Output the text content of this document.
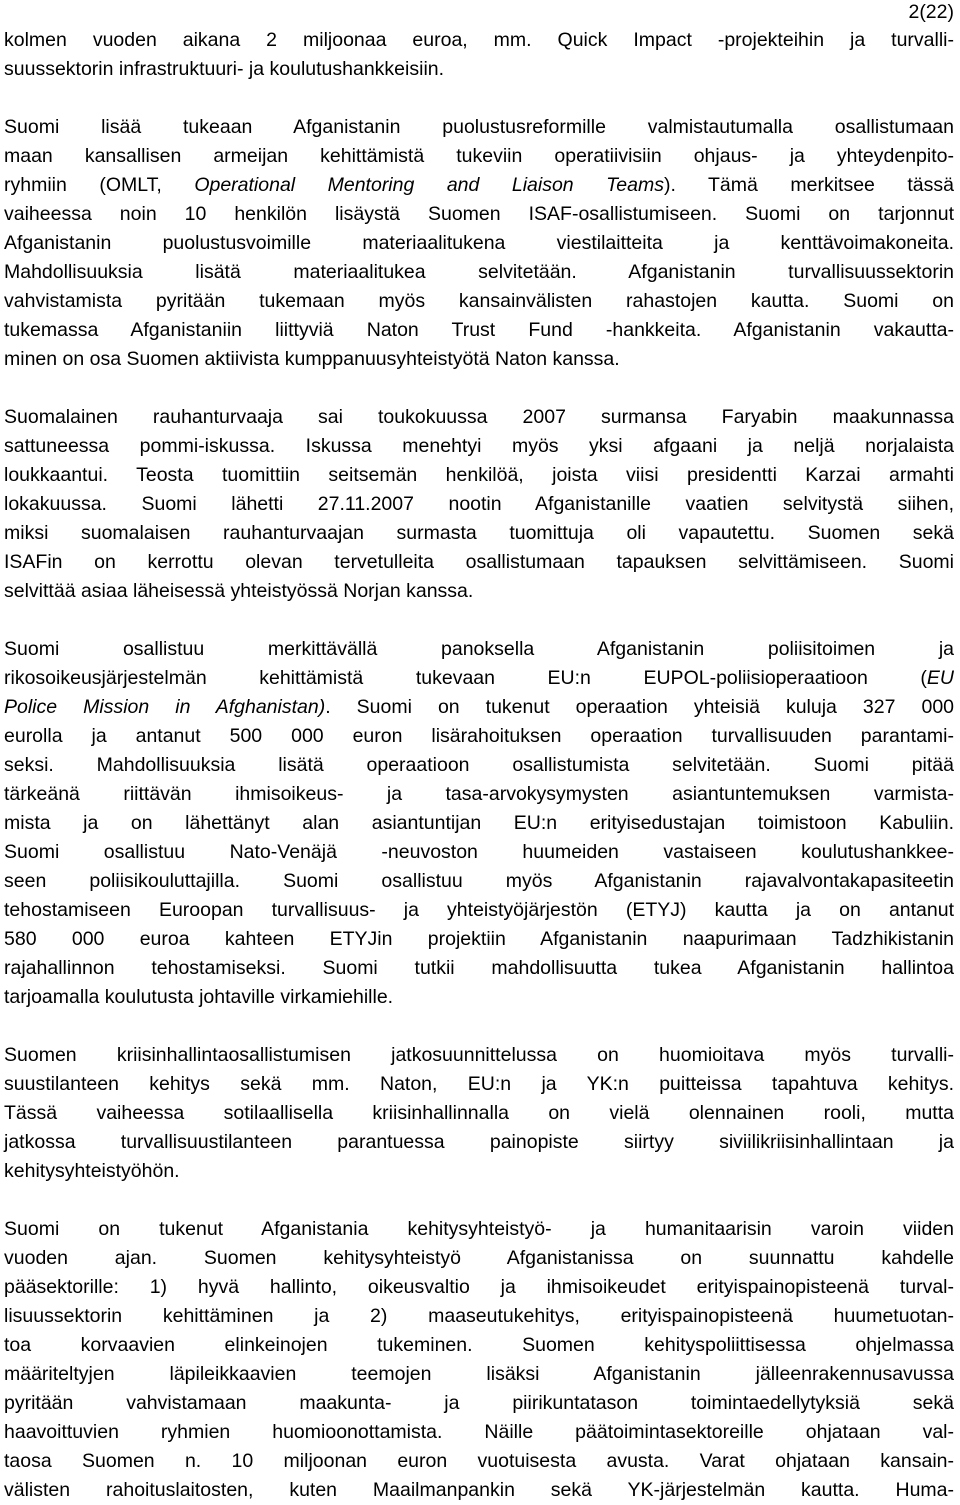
2(22)
kolmen vuoden aikana 2 miljoonaa euroa, mm. Quick Impact -projekteihin ja turvalli-
suussektorin infrastruktuuri- ja koulutushankkeisiin.
Suomi lisää tukeaan Afganistanin puolustusreformille valmistautumalla osallistumaan
maan kansallisen armeijan kehittämistä tukeviin operatiivisiin ohjaus- ja yhteydenpito-
ryhmiin (OMLT, Operational Mentoring and Liaison Teams). Tämä merkitsee tässä
vaiheessa noin 10 henkilön lisäystä Suomen ISAF-osallistumiseen. Suomi on tarjonnut
Afganistanin puolustusvoimille materiaalitukena viestilaitteita ja kenttävoimakoneita.
Mahdollisuuksia lisätä materiaalitukea selvitetään. Afganistanin turvallisuussektorin
vahvistamista pyritään tukemaan myös kansainvälisten rahastojen kautta. Suomi on
tukemassa Afganistaniin liittyviä Naton Trust Fund -hankkeita. Afganistanin vakautta-
minen on osa Suomen aktiivista kumppanuusyhteistyötä Naton kanssa.
Suomalainen rauhanturvaaja sai toukokuussa 2007 surmansa Faryabin maakunnassa
sattuneessa pommi-iskussa. Iskussa menehtyi myös yksi afgaani ja neljä norjalaista
loukkaantui. Teosta tuomittiin seitsemän henkilöä, joista viisi presidentti Karzai armahti
lokakuussa. Suomi lähetti 27.11.2007 nootin Afganistanille vaatien selvitystä siihen,
miksi suomalaisen rauhanturvaajan surmasta tuomittuja oli vapautettu. Suomen sekä
ISAFin on kerrottu olevan tervetulleita osallistumaan tapauksen selvittämiseen. Suomi
selvittää asiaa läheisessä yhteistyössä Norjan kanssa.
Suomi osallistuu merkittävällä panoksella Afganistanin poliisitoimen ja
rikosoikeusjärjestelmän kehittämistä tukevaan EU:n EUPOL-poliisioperaatioon (EU
Police Mission in Afghanistan). Suomi on tukenut operaation yhteisiä kuluja 327 000
eurolla ja antanut 500 000 euron lisärahoituksen operaation turvallisuuden parantami-
seksi. Mahdollisuuksia lisätä operaatioon osallistumista selvitetään. Suomi pitää
tärkeänä riittävän ihmisoikeus- ja tasa-arvokysymysten asiantuntemuksen varmista-
mista ja on lähettänyt alan asiantuntijan EU:n erityisedustajan toimistoon Kabuliin.
Suomi osallistuu Nato-Venäjä -neuvoston huumeiden vastaiseen koulutushankkee-
seen poliisikouluttajilla. Suomi osallistuu myös Afganistanin rajavalvontakapasiteetin
tehostamiseen Euroopan turvallisuus- ja yhteistyöjärjestön (ETYJ) kautta ja on antanut
580 000 euroa kahteen ETYJin projektiin Afganistanin naapurimaan Tadzhikistanin
rajahallinnon tehostamiseksi. Suomi tutkii mahdollisuutta tukea Afganistanin hallintoa
tarjoamalla koulutusta johtaville virkamiehille.
Suomen kriisinhallintaosallistumisen jatkosuunnittelussa on huomioitava myös turvalli-
suustilanteen kehitys sekä mm. Naton, EU:n ja YK:n puitteissa tapahtuva kehitys.
Tässä vaiheessa sotilaallisella kriisinhallinnalla on vielä olennainen rooli, mutta
jatkossa turvallisuustilanteen parantuessa painopiste siirtyy siviilikriisinhallintaan ja
kehitysyhteistyöhön.
Suomi on tukenut Afganistania kehitysyhteistyö- ja humanitaarisin varoin viiden
vuoden ajan. Suomen kehitysyhteistyö Afganistanissa on suunnattu kahdelle
pääsektorille: 1) hyvä hallinto, oikeusvaltio ja ihmisoikeudet erityispainopisteenä turval-
lisuussektorin kehittäminen ja 2) maaseutukehitys, erityispainopisteenä huumetuotan-
toa korvaavien elinkeinojen tukeminen. Suomen kehityspoliittisessa ohjelmassa
määriteltyjen läpileikkaavien teemojen lisäksi Afganistanin jälleenrakennusavussa
pyritään vahvistamaan maakunta- ja piirikuntatason toimintaedellytyksiä sekä
haavoittuvien ryhmien huomioonottamista. Näille päätoimintasektoreille ohjataan val-
taosa Suomen n. 10 miljoonan euron vuotuisesta avusta. Varat ohjataan kansain-
välisten rahoituslaitosten, kuten Maailmanpankin sekä YK-järjestelmän kautta. Huma-
